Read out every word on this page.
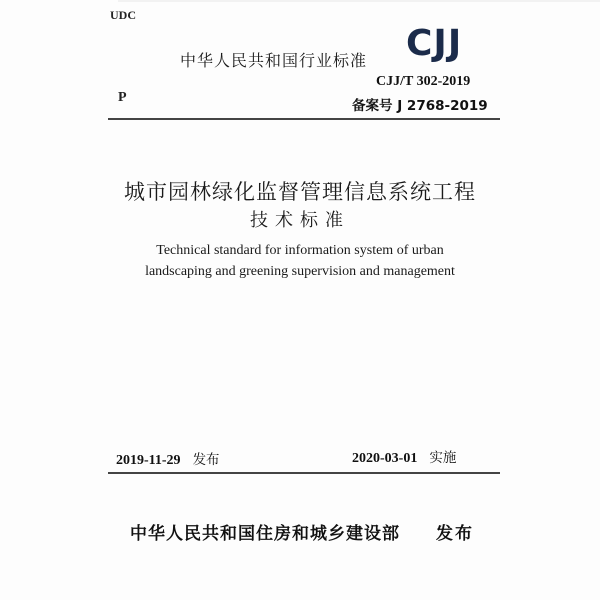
UDC
P
中华人民共和国行业标准 CJJ
CJJ/T 302-2019
备案号 J 2768-2019
城市园林绿化监督管理信息系统工程
技术标准
Technical standard for information system of urban
landscaping and greening supervision and management
2019-11-29 发布	2020-03-01 实施
中华人民共和国住房和城乡建设部 发布
